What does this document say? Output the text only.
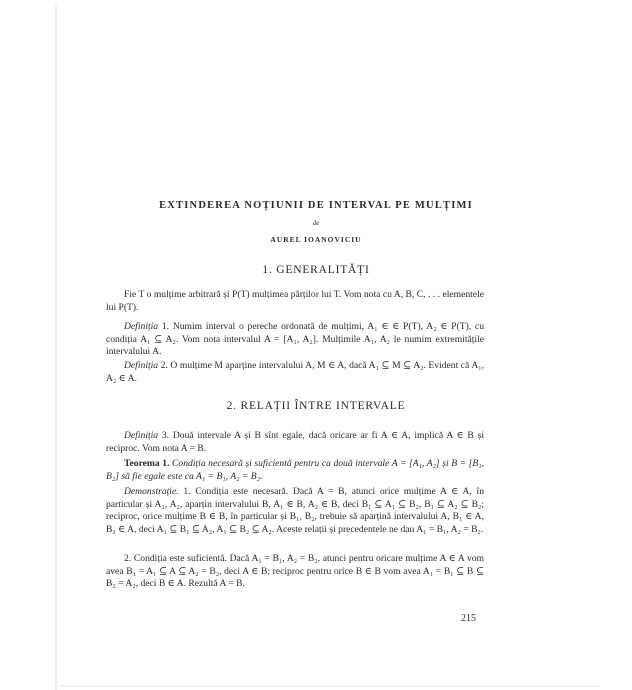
EXTINDEREA NOȚIUNII DE INTERVAL PE MULȚIMI
de
AUREL IOANOVICIU
1. GENERALITĂȚI
Fie T o mulțime arbitrară și P(T) mulțimea părților lui T. Vom nota cu A, B, C, . . . elementele lui P(T).
Definiția 1. Numim interval o pereche ordonată de mulțimi, A₁ ∈ ∈ P(T), A₂ ∈ P(T), cu condiția A₁ ⊆ A₂. Vom nota intervalul A = [A₁, A₂]. Mulțimile A₁, A₂ le numim extremitățile intervalului A.
Definiția 2. O mulțime M aparține intervalului A, M ∈ A, dacă A₁ ⊆ M ⊆ A₂. Evident că A₁, A₂ ∈ A.
2. RELAȚII ÎNTRE INTERVALE
Definiția 3. Două intervale A și B sînt egale, dacă oricare ar fi A ∈ A, implică A ∈ B și reciproc. Vom nota A = B.
Teorema 1. Condiția necesară și suficientă pentru ca două intervale A = [A₁, A₂] și B = [B₁, B₂] să fie egale este ca A₁ = B₁, A₂ = B₂.
Demonstrație. 1. Condiția este necesară. Dacă A = B, atunci orice mulțime A ∈ A, în particular și A₁, A₂, aparțin intervalului B, A₁ ∈ B, A₂ ∈ B, deci B₁ ⊆ A₁ ⊆ B₂, B₁ ⊆ A₂ ⊆ B₂; reciproc, orice mulțime B ∈ B, în particular și B₁, B₂, trebuie să aparțină intervalului A, B₁ ∈ A, B₂ ∈ A, deci A₁ ⊆ B₁ ⊆ A₂, A₁ ⊆ B₂ ⊆ A₂. Aceste relații și precedentele ne dau A₁ = B₁, A₂ = B₂.
2. Condiția este suficientă. Dacă A₁ = B₁, A₂ = B₂, atunci pentru oricare mulțime A ∈ A vom avea B₁ = A₁ ⊆ A ⊆ A₂ = B₂, deci A ∈ B; reciproc pentru orice B ∈ B vom avea A₁ = B₁ ⊆ B ⊆ B₂ = A₂, deci B ∈ A. Rezultă A = B.
215
